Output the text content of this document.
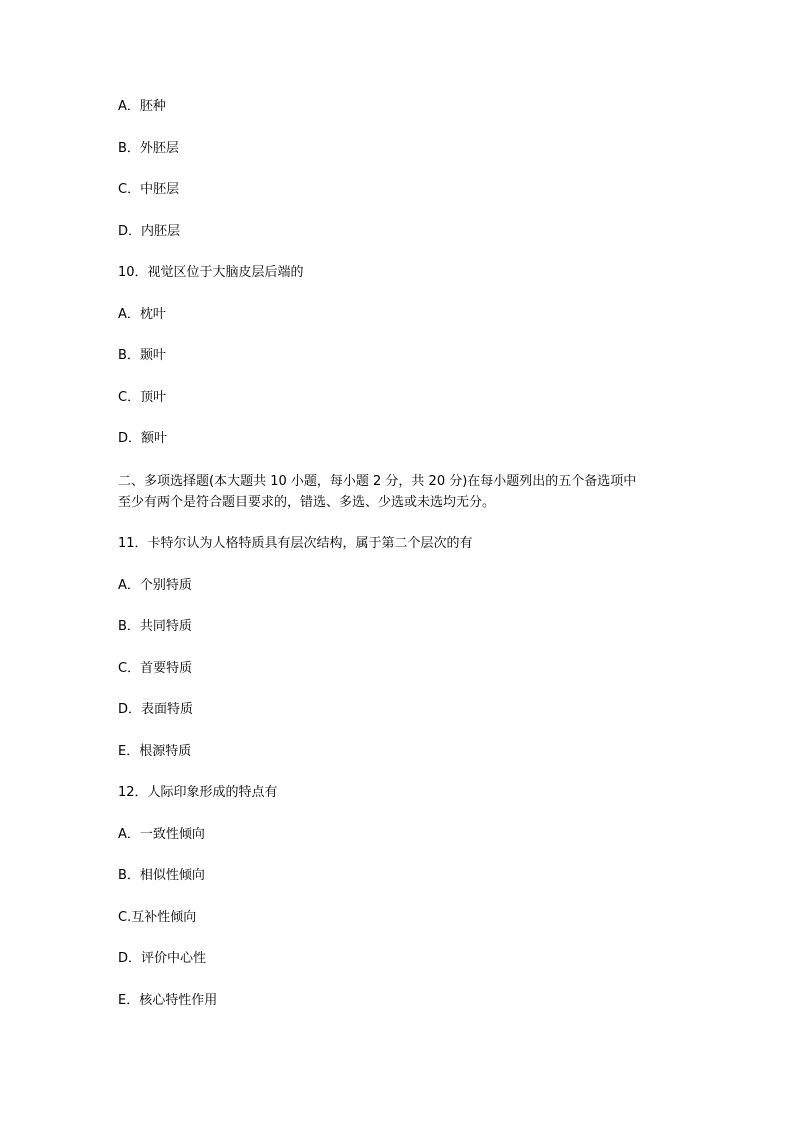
A．胚种
B．外胚层
C．中胚层
D．内胚层
10．视觉区位于大脑皮层后端的
A．枕叶
B．颞叶
C．顶叶
D．额叶
二、多项选择题(本大题共 10 小题，每小题 2 分，共 20 分)在每小题列出的五个备选项中
至少有两个是符合题目要求的，错选、多选、少选或未选均无分。
11．卡特尔认为人格特质具有层次结构，属于第二个层次的有
A．个别特质
B．共同特质
C．首要特质
D．表面特质
E．根源特质
12．人际印象形成的特点有
A．一致性倾向
B．相似性倾向
C.互补性倾向
D．评价中心性
E．核心特性作用
